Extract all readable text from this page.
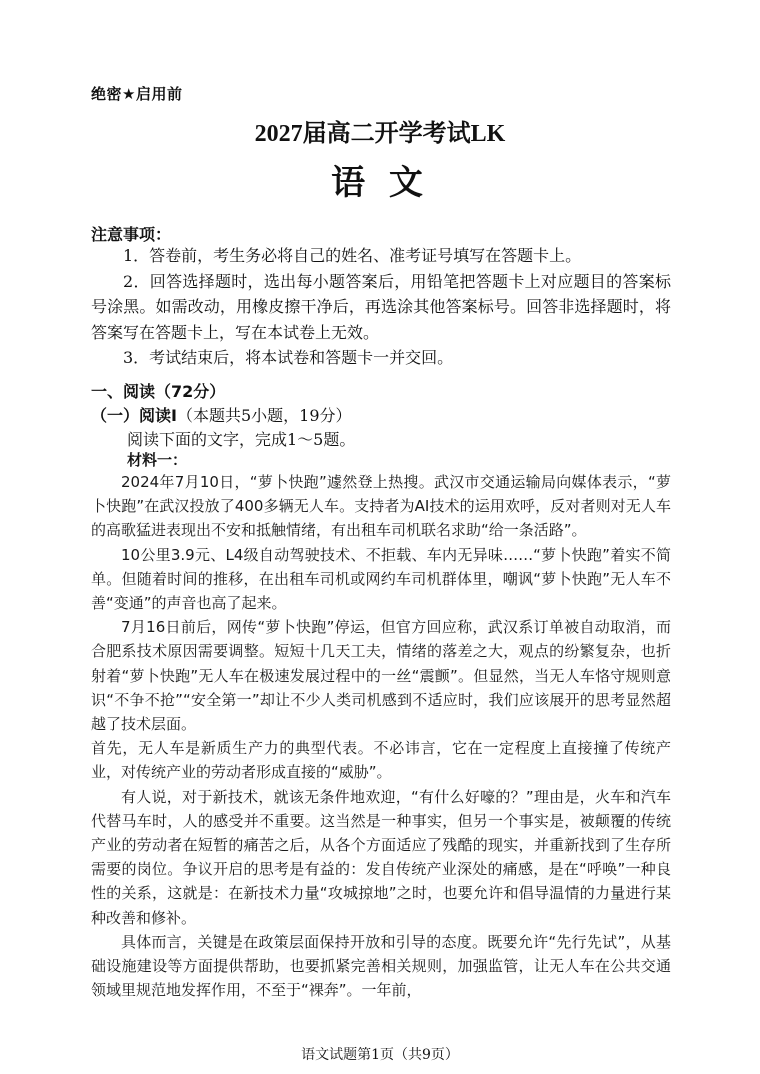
绝密★启用前
2027届高二开学考试LK
语 文
注意事项：
1．答卷前，考生务必将自己的姓名、准考证号填写在答题卡上。
2．回答选择题时，选出每小题答案后，用铅笔把答题卡上对应题目的答案标号涂黑。如需改动，用橡皮擦干净后，再选涂其他答案标号。回答非选择题时，将答案写在答题卡上，写在本试卷上无效。
3．考试结束后，将本试卷和答题卡一并交回。
一、阅读（72分）
（一）阅读Ⅰ（本题共5小题，19分）
阅读下面的文字，完成1～5题。
材料一：
2024年7月10日，“萝卜快跑”遽然登上热搜。武汉市交通运输局向媒体表示，“萝卜快跑”在武汉投放了400多辆无人车。支持者为AI技术的运用欢呼，反对者则对无人车的高歌猛进表现出不安和抵触情绪，有出租车司机联名求助“给一条活路”。
10公里3.9元、L4级自动驾驶技术、不拒载、车内无异味……“萝卜快跑”着实不简单。但随着时间的推移，在出租车司机或网约车司机群体里，嘲讽“萝卜快跑”无人车不善“变通”的声音也高了起来。
7月16日前后，网传“萝卜快跑”停运，但官方回应称，武汉系订单被自动取消，而合肥系技术原因需要调整。短短十几天工夫，情绪的落差之大，观点的纷繁复杂，也折射着“萝卜快跑”无人车在极速发展过程中的一丝“震颤”。但显然，当无人车恪守规则意识“不争不抢”“安全第一”却让不少人类司机感到不适应时，我们应该展开的思考显然超越了技术层面。
首先，无人车是新质生产力的典型代表。不必讳言，它在一定程度上直接撞了传统产业，对传统产业的劳动者形成直接的“威胁”。
有人说，对于新技术，就该无条件地欢迎，“有什么好嚎的？”理由是，火车和汽车代替马车时，人的感受并不重要。这当然是一种事实，但另一个事实是，被颠覆的传统产业的劳动者在短暂的痛苦之后，从各个方面适应了残酷的现实，并重新找到了生存所需要的岗位。争议开启的思考是有益的：发自传统产业深处的痛感，是在“呼唤”一种良性的关系，这就是：在新技术力量“攻城掠地”之时，也要允许和倡导温情的力量进行某种改善和修补。
具体而言，关键是在政策层面保持开放和引导的态度。既要允许“先行先试”，从基础设施建设等方面提供帮助，也要抓紧完善相关规则，加强监管，让无人车在公共交通领域里规范地发挥作用，不至于“裸奔”。一年前，
语文试题第1页（共9页）
